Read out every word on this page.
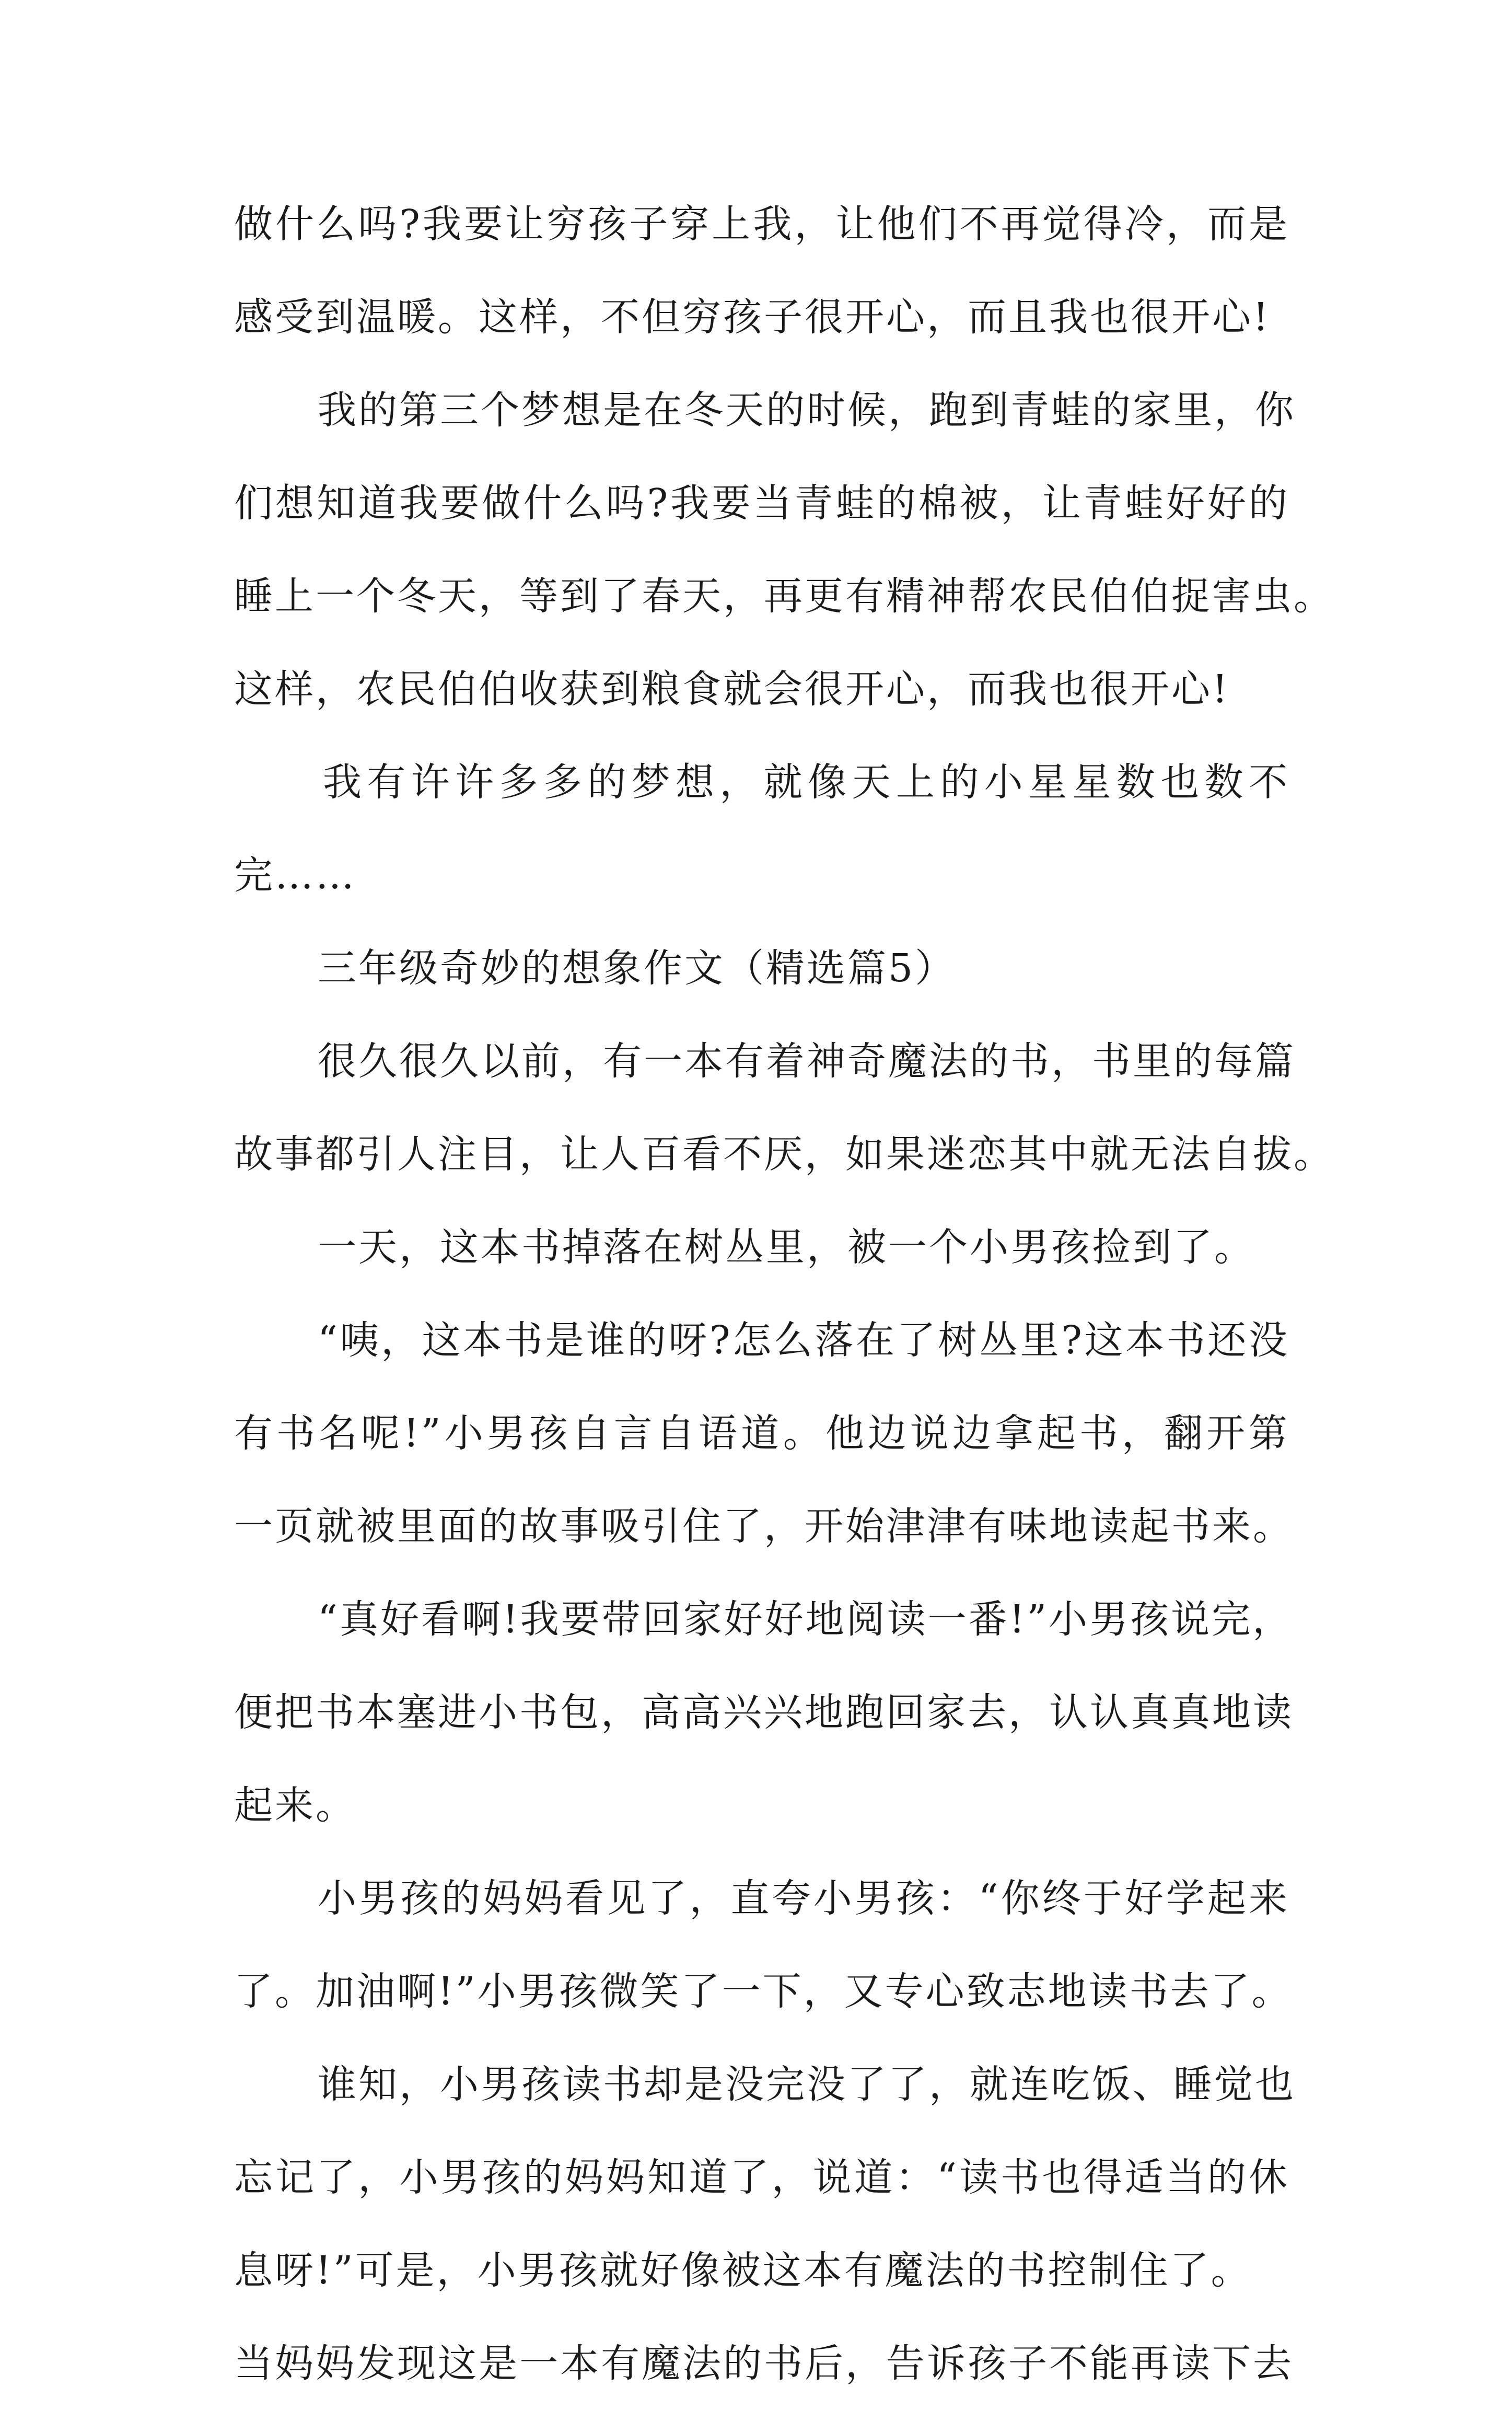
做什么吗?我要让穷孩子穿上我，让他们不再觉得冷，而是
感受到温暖。这样，不但穷孩子很开心，而且我也很开心!
我的第三个梦想是在冬天的时候，跑到青蛙的家里，你
们想知道我要做什么吗?我要当青蛙的棉被，让青蛙好好的
睡上一个冬天，等到了春天，再更有精神帮农民伯伯捉害虫。
这样，农民伯伯收获到粮食就会很开心，而我也很开心!
我有许许多多的梦想，就像天上的小星星数也数不
完……
三年级奇妙的想象作文（精选篇5）
很久很久以前，有一本有着神奇魔法的书，书里的每篇
故事都引人注目，让人百看不厌，如果迷恋其中就无法自拔。
一天，这本书掉落在树丛里，被一个小男孩捡到了。
“咦，这本书是谁的呀?怎么落在了树丛里?这本书还没
有书名呢!”小男孩自言自语道。他边说边拿起书，翻开第
一页就被里面的故事吸引住了，开始津津有味地读起书来。
“真好看啊!我要带回家好好地阅读一番!”小男孩说完，
便把书本塞进小书包，高高兴兴地跑回家去，认认真真地读
起来。
小男孩的妈妈看见了，直夸小男孩：“你终于好学起来
了。加油啊!”小男孩微笑了一下，又专心致志地读书去了。
谁知，小男孩读书却是没完没了了，就连吃饭、睡觉也
忘记了，小男孩的妈妈知道了，说道：“读书也得适当的休
息呀!”可是，小男孩就好像被这本有魔法的书控制住了。
当妈妈发现这是一本有魔法的书后，告诉孩子不能再读下去
